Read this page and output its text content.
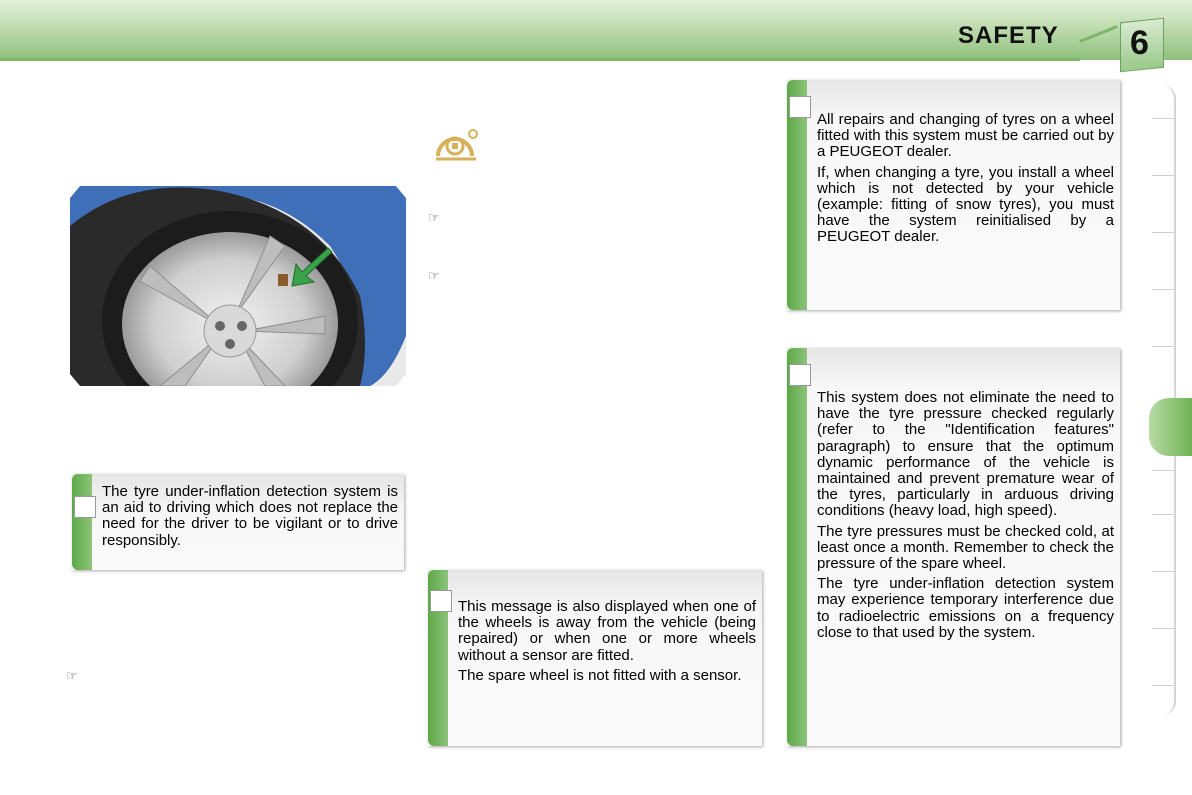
SAFETY 6
☞
☞
☞

The tyre under-inflation detection system is an aid to driving which does not replace the need for the driver to be vigilant or to drive responsibly.

This message is also displayed when one of the wheels is away from the vehicle (being repaired) or when one or more wheels without a sensor are fitted.

The spare wheel is not fitted with a sensor.

All repairs and changing of tyres on a wheel fitted with this system must be carried out by a PEUGEOT dealer.

If, when changing a tyre, you install a wheel which is not detected by your vehicle (example: fitting of snow tyres), you must have the system reinitialised by a PEUGEOT dealer.

This system does not eliminate the need to have the tyre pressure checked regularly (refer to the "Identification features" paragraph) to ensure that the optimum dynamic performance of the vehicle is maintained and prevent premature wear of the tyres, particularly in arduous driving conditions (heavy load, high speed).

The tyre pressures must be checked cold, at least once a month. Remember to check the pressure of the spare wheel.

The tyre under-inflation detection system may experience temporary interference due to radioelectric emissions on a frequency close to that used by the system.
